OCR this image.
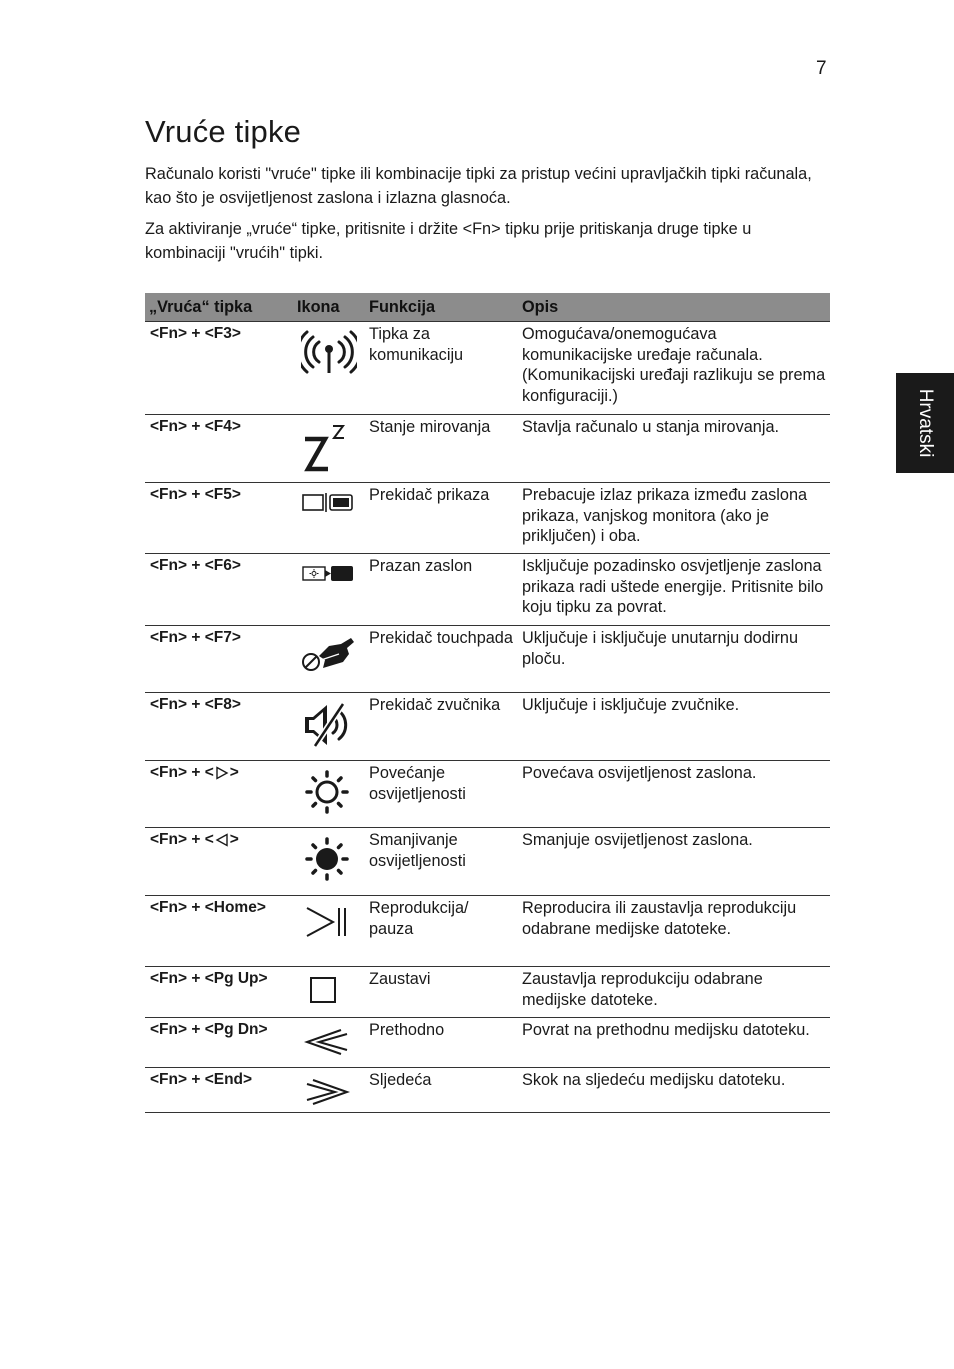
7
Vruće tipke

Računalo koristi "vruće" tipke ili kombinacije tipki za pristup većini upravljačkih tipki računala, kao što je osvijetljenost zaslona i izlazna glasnoća.

Za aktiviranje „vruće“ tipke, pritisnite i držite <Fn> tipku prije pritiskanja druge tipke u kombinaciji "vrućih" tipki.

Hrvatski
„Vruća“ tipka	Ikona	Funkcija	Opis
<Fn> + <F3>		Tipka za komunikaciju	Omogućava/onemogućava komunikacijske uređaje računala. (Komunikacijski uređaji razlikuju se prema konfiguraciji.)
<Fn> + <F4>		Stanje mirovanja	Stavlja računalo u stanja mirovanja.
<Fn> + <F5>		Prekidač prikaza	Prebacuje izlaz prikaza između zaslona prikaza, vanjskog monitora (ako je priključen) i oba.
<Fn> + <F6>		Prazan zaslon	Isključuje pozadinsko osvjetljenje zaslona prikaza radi uštede energije. Pritisnite bilo koju tipku za povrat.
<Fn> + <F7>		Prekidač touchpada	Uključuje i isključuje unutarnju dodirnu ploču.
<Fn> + <F8>		Prekidač zvučnika	Uključuje i isključuje zvučnike.
<Fn> + < >		Povećanje osvijetljenosti	Povećava osvijetljenost zaslona.
<Fn> + < >		Smanjivanje osvijetljenosti	Smanjuje osvijetljenost zaslona.
<Fn> + <Home>		Reprodukcija/ pauza	Reproducira ili zaustavlja reprodukciju odabrane medijske datoteke.
<Fn> + <Pg Up>		Zaustavi	Zaustavlja reprodukciju odabrane medijske datoteke.
<Fn> + <Pg Dn>		Prethodno	Povrat na prethodnu medijsku datoteku.
<Fn> + <End>		Sljedeća	Skok na sljedeću medijsku datoteku.
